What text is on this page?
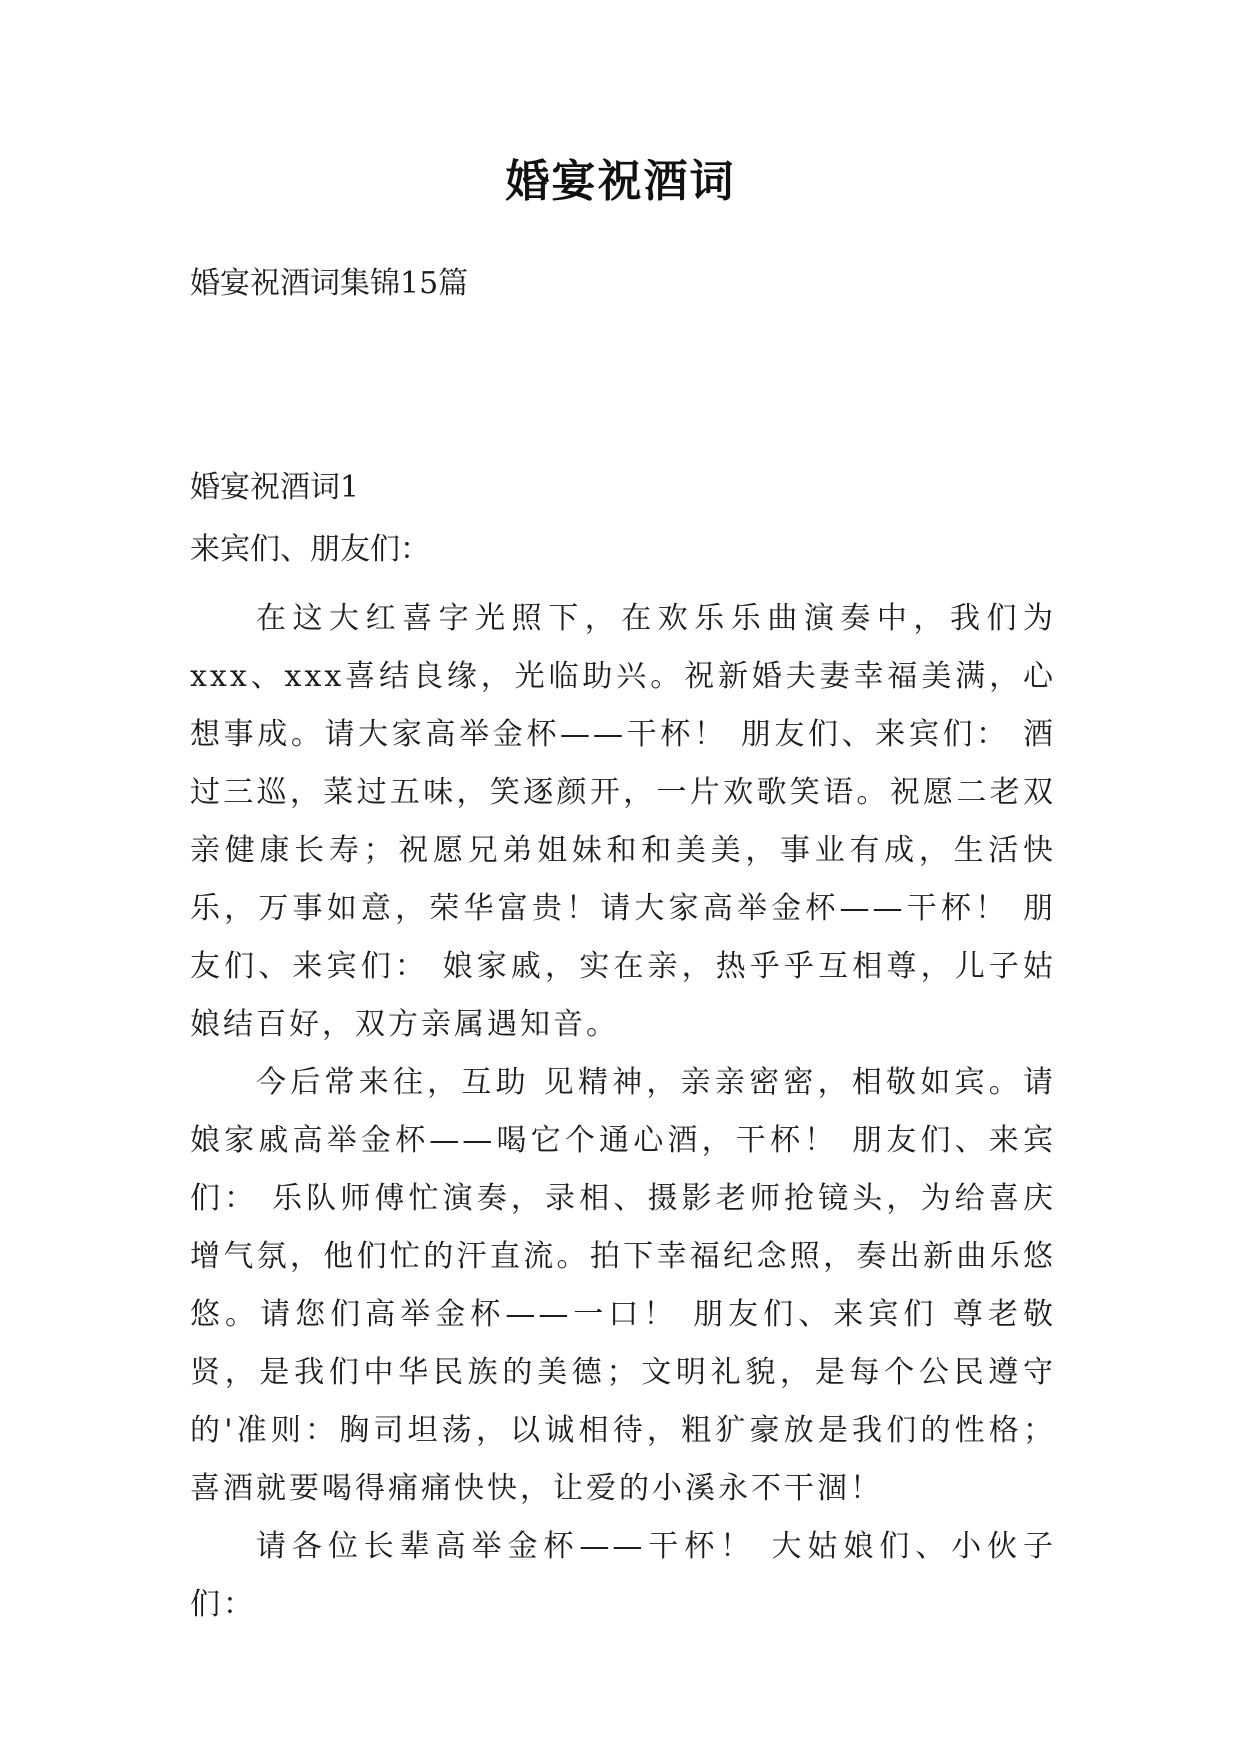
婚宴祝酒词
婚宴祝酒词集锦15篇
婚宴祝酒词1
来宾们、朋友们：

在这大红喜字光照下，在欢乐乐曲演奏中，我们为xxx、xxx喜结良缘，光临助兴。祝新婚夫妻幸福美满，心想事成。请大家高举金杯——干杯！ 朋友们、来宾们： 酒过三巡，菜过五味，笑逐颜开，一片欢歌笑语。祝愿二老双亲健康长寿；祝愿兄弟姐妹和和美美，事业有成，生活快乐，万事如意，荣华富贵！请大家高举金杯——干杯！ 朋友们、来宾们： 娘家戚，实在亲，热乎乎互相尊，儿子姑娘结百好，双方亲属遇知音。

今后常来往，互助 见精神，亲亲密密，相敬如宾。请娘家戚高举金杯——喝它个通心酒，干杯！ 朋友们、来宾们： 乐队师傅忙演奏，录相、摄影老师抢镜头，为给喜庆增气氛，他们忙的汗直流。拍下幸福纪念照，奏出新曲乐悠悠。请您们高举金杯——一口！ 朋友们、来宾们 尊老敬贤，是我们中华民族的美德；文明礼貌，是每个公民遵守的'准则：胸司坦荡，以诚相待，粗犷豪放是我们的性格；喜酒就要喝得痛痛快快，让爱的小溪永不干涸！

请各位长辈高举金杯——干杯！ 大姑娘们、小伙子们：
